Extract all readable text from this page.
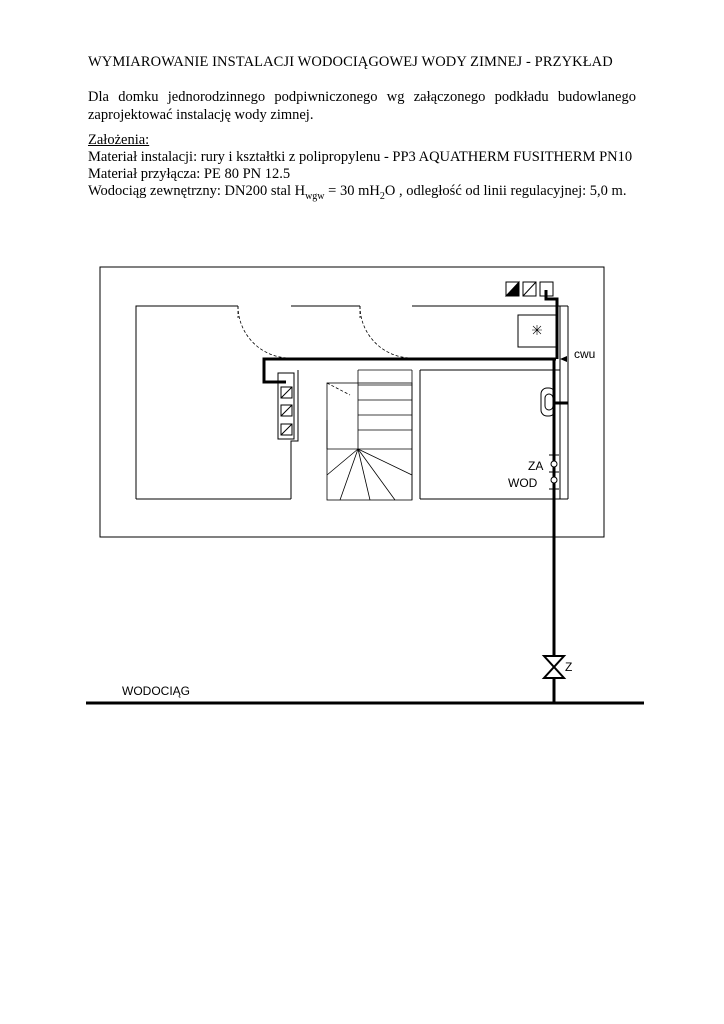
WYMIAROWANIE INSTALACJI WODOCIĄGOWEJ WODY ZIMNEJ - PRZYKŁAD
Dla domku jednorodzinnego podpiwniczonego wg załączonego podkładu budowlanego zaprojektować instalację wody zimnej.
Założenia:
Materiał instalacji: rury i kształtki z polipropylenu - PP3 AQUATHERM FUSITHERM PN10
Materiał przyłącza: PE 80 PN 12.5
Wodociąg zewnętrzny: DN200 stal $H_{wgw} = 30$ $mH_2O$ , odległość od linii regulacyjnej: 5,0 m.
cwu
ZA
WOD
Z
WODOCIĄG
